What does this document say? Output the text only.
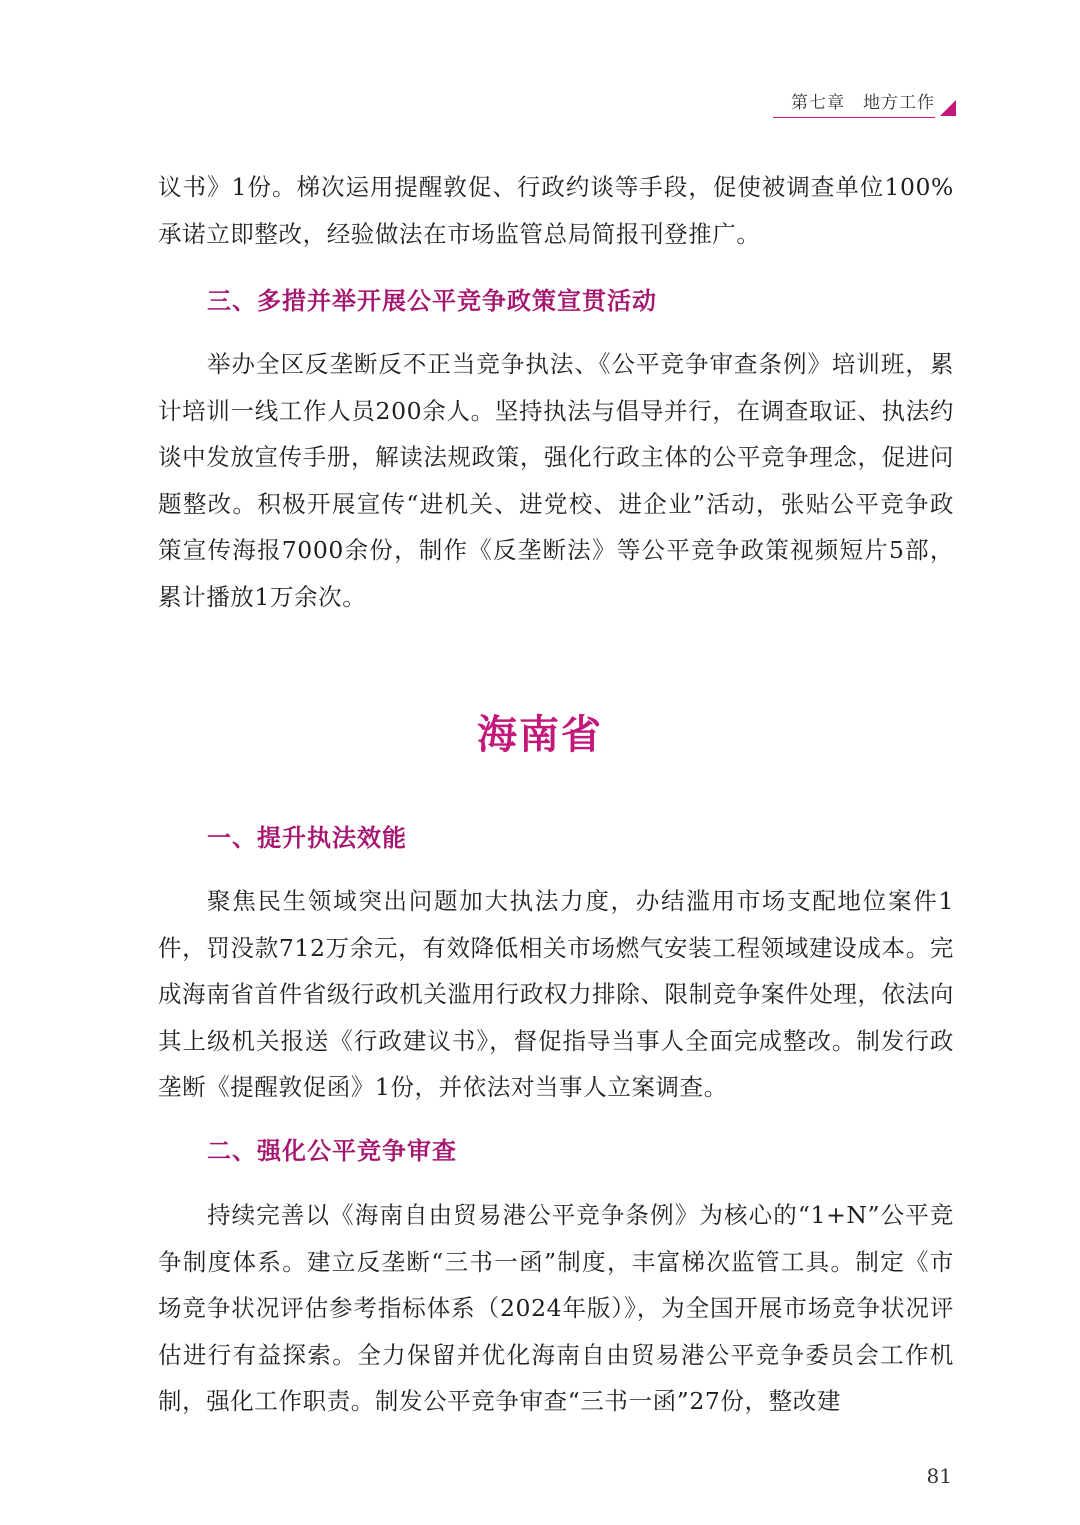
第七章　地方工作

议书》1份。梯次运用提醒敦促、行政约谈等手段，促使被调查单位100%承诺立即整改，经验做法在市场监管总局简报刊登推广。

三、多措并举开展公平竞争政策宣贯活动

举办全区反垄断反不正当竞争执法、《公平竞争审查条例》培训班，累计培训一线工作人员200余人。坚持执法与倡导并行，在调查取证、执法约谈中发放宣传手册，解读法规政策，强化行政主体的公平竞争理念，促进问题整改。积极开展宣传“进机关、进党校、进企业”活动，张贴公平竞争政策宣传海报7000余份，制作《反垄断法》等公平竞争政策视频短片5部，累计播放1万余次。

海南省
一、提升执法效能

聚焦民生领域突出问题加大执法力度，办结滥用市场支配地位案件1件，罚没款712万余元，有效降低相关市场燃气安装工程领域建设成本。完成海南省首件省级行政机关滥用行政权力排除、限制竞争案件处理，依法向其上级机关报送《行政建议书》，督促指导当事人全面完成整改。制发行政垄断《提醒敦促函》1份，并依法对当事人立案调查。

二、强化公平竞争审查

持续完善以《海南自由贸易港公平竞争条例》为核心的“1+N”公平竞争制度体系。建立反垄断“三书一函”制度，丰富梯次监管工具。制定《市场竞争状况评估参考指标体系（2024年版）》，为全国开展市场竞争状况评估进行有益探索。全力保留并优化海南自由贸易港公平竞争委员会工作机制，强化工作职责。制发公平竞争审查“三书一函”27份，整改建

81
